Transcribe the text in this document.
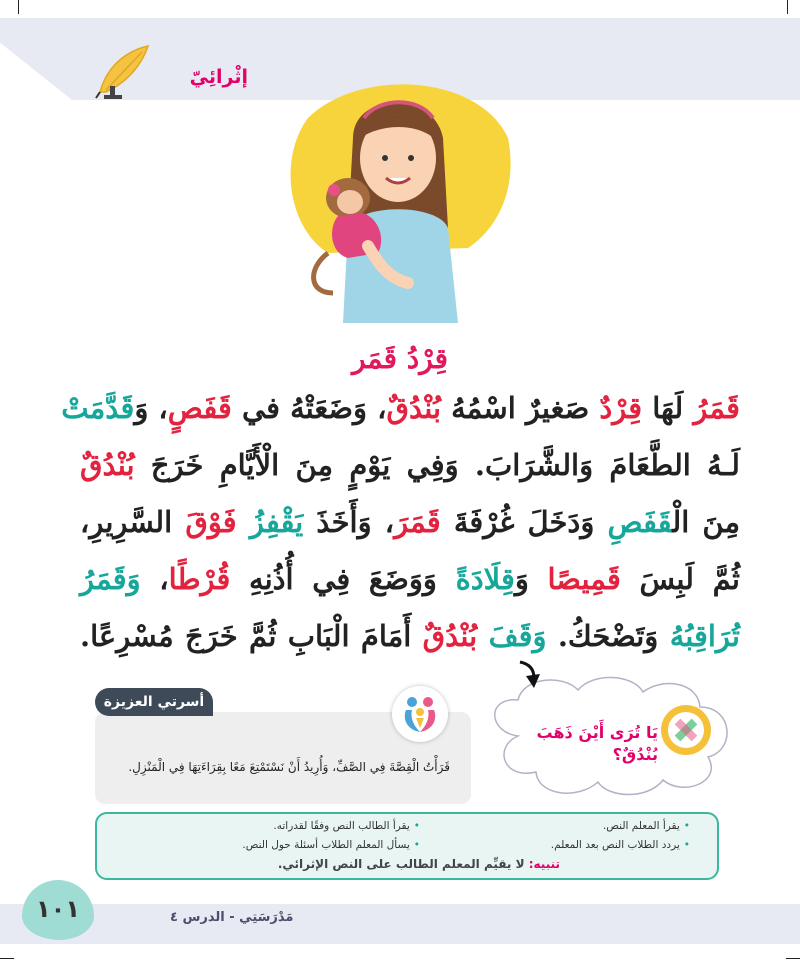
إثْرائِيّ
قِرْدُ قَمَر
قَمَرُ لَهَا قِرْدٌ صَغيرٌ اسْمُهُ بُنْدُقٌ، وَضَعَتْهُ في قَفَصٍ، وَقَدَّمَتْ
لَـهُ الطَّعَامَ وَالشَّرَابَ. وَفِي يَوْمٍ مِنَ الْأَيَّامِ خَرَجَ بُنْدُقٌ
مِنَ الْقَفَصِ وَدَخَلَ غُرْفَةَ قَمَرَ، وَأَخَذَ يَقْفِزُ فَوْقَ السَّرِيرِ،
ثُمَّ لَبِسَ قَمِيصًا وَقِلَادَةً وَوَضَعَ فِي أُذُنِهِ قُرْطًا، وَقَمَرُ
تُرَاقِبُهُ وَتَضْحَكُ. وَقَفَ بُنْدُقٌ أَمَامَ الْبَابِ ثُمَّ خَرَجَ مُسْرِعًا.
يَا تُرَى أَيْنَ ذَهَبَ بُنْدُقٌ؟
أسرتي العزيزة
قَرَأْتُ الْقِصَّةَ فِي الصَّفِّ، وَأُرِيدُ أَنْ نَسْتَمْتِعَ مَعًا بِقِرَاءَتِهَا فِي الْمَنْزِلِ.
• يقرأ المعلم النص.
• يقرأ الطالب النص وفقًا لقدراته.
• يردد الطلاب النص بعد المعلم.
• يسأل المعلم الطلاب أسئلة حول النص.
تنبيه: لا يقيِّم المعلم الطالب على النص الإثرائي.
مَدْرَسَتِي - الدرس ٤
١٠١
